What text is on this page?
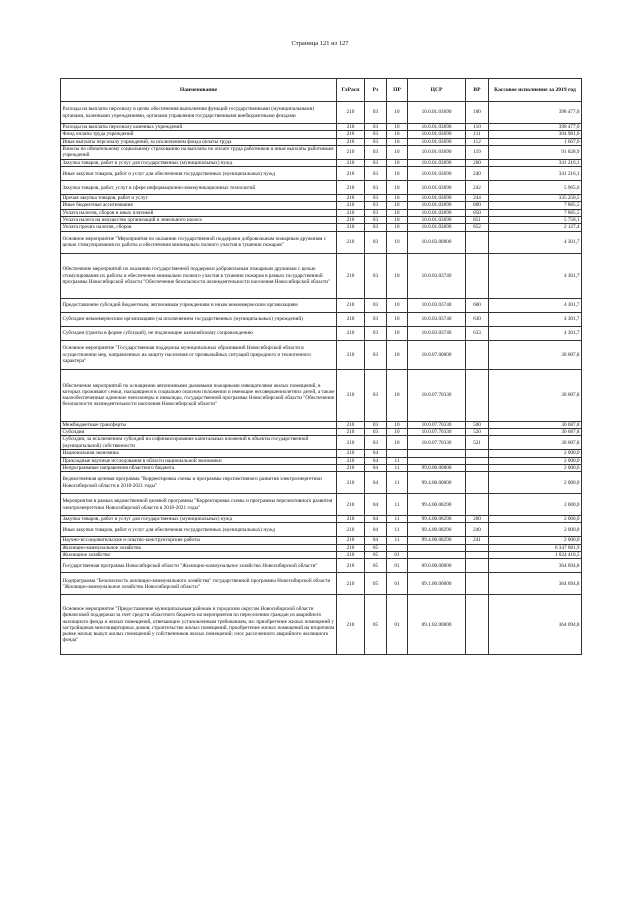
Страница 121 из 127
Наименование	ГлРасп	Рз	ПР	ЦСР	ВР	Кассовое исполнение за 2019 год
Расходы на выплаты персоналу в целях обеспечения выполнения функций государственными (муниципальными) органами, казенными учреждениями, органами управления государственными внебюджетными фондами	210	03	10	10.0.01.03690	100	398 477,0
Расходы на выплаты персоналу казенных учреждений	210	03	10	10.0.01.03690	110	398 477,0
Фонд оплаты труда учреждений	210	03	10	10.0.01.03690	111	304 981,0
Иные выплаты персоналу учреждений, за исключением фонда оплаты труда	210	03	10	10.0.01.03690	112	1 667,0
Взносы по обязательному социальному страхованию на выплаты по оплате труда работников и иные выплаты работникам учреждений	210	03	10	10.0.01.03690	119	91 828,9
Закупка товаров, работ и услуг для государственных (муниципальных) нужд	210	03	10	10.0.01.03690	200	341 216,1
Иные закупки товаров, работ и услуг для обеспечения государственных (муниципальных) нужд	210	03	10	10.0.01.03690	240	341 216,1
Закупка товаров, работ, услуг в сфере информационно-коммуникационных технологий	210	03	10	10.0.01.03690	242	5 965,6
Прочая закупка товаров, работ и услуг	210	03	10	10.0.01.03690	244	335 250,5
Иные бюджетные ассигнования	210	03	10	10.0.01.03690	800	7 885,5
Уплата налогов, сборов и иных платежей	210	03	10	10.0.01.03690	850	7 885,5
Уплата налога на имущество организаций и земельного налога	210	03	10	10.0.01.03690	851	5 758,1
Уплата прочих налогов, сборов	210	03	10	10.0.01.03690	852	2 127,4
Основное мероприятие "Мероприятия по оказанию государственной поддержки добровольным пожарным дружинам с целью стимулирования их работы и обеспечения минимально полного участия в тушении пожаров"	210	03	10	10.0.03.00000		4 301,7
Обеспечение мероприятий по оказанию государственной поддержки добровольным пожарным дружинам с целью стимулирования их работы и обеспечения мнимально полного участия в тушении пожаров в рамках государственной программы Новосибирской области "Обеспечение безопасности жизнедеятельности населения Новосибирской области"	210	03	10	10.0.03.03740		4 301,7
Предоставление субсидий бюджетным, автономным учреждениям и иным некоммерческим организациям	210	03	10	10.0.03.03740	600	4 301,7
Субсидии некоммерческим организациям (за исключением государственных (муниципальных) учреждений)	210	03	10	10.0.03.03740	630	4 301,7
Субсидии (гранты в форме субсидий), не подлежащие казначейскому сопровождению	210	03	10	10.0.03.03740	633	4 301,7
Основное мероприятие "Государственная поддержка муниципальных образований Новосибирской области в осуществлении мер, направленных на защиту населения от чрезвычайных ситуаций природного и техногенного характера"	210	03	10	10.0.07.00000		30 687,8
Обеспечение мероприятий по оснащению автономными дымовыми пожарными извещателями жилых помещений, в которых проживают семьи, находящиеся в социально опасном положении и имеющие несовершеннолетних детей, а также малообеспеченные одинокие пенсионеры и инвалиды, государственной программы Новосибирской области "Обеспечение безопасности жизнедеятельности населения Новосибирской области"	210	03	10	10.0.07.70330		30 687,8
Межбюджетные трансферты	210	03	10	10.0.07.70330	500	30 687,8
Субсидии	210	03	10	10.0.07.70330	520	30 687,8
Субсидии, за исключением субсидий на софинансирование капитальных вложений в объекты государственной (муниципальной) собственности	210	03	10	10.0.07.70330	521	30 687,8
Национальная экономика	210	04				2 000,0
Прикладные научные исследования в области национальной экономики	210	04	11			2 000,0
Непрограммные направления областного бюджета	210	04	11	99.0.00.00000		2 000,0
Ведомственная целевая программа "Корректировка схемы и программы перспективного развития электроэнергетики Новосибирской области в 2018-2021 годы"	210	04	11	99.4.00.00000		2 000,0
Мероприятия в рамках ведомственной целевой программы "Корректировка схемы и программы перспективного развития электроэнергетики Новосибирской области в 2018-2021 годы"	210	04	11	99.4.00.08290		2 000,0
Закупка товаров, работ и услуг для государственных (муниципальных) нужд	210	04	11	99.4.00.08290	200	2 000,0
Иные закупки товаров, работ и услуг для обеспечения государственных (муниципальных) нужд	210	04	11	99.4.00.08290	240	2 000,0
Научно-исследовательские и опытно-конструкторские работы	210	04	11	99.4.00.08290	241	2 000,0
Жилищно-коммунальное хозяйство	210	05				6 347 681,9
Жилищное хозяйство	210	05	01			1 024 410,5
Государственная программа Новосибирской области "Жилищно-коммунальное хозяйство Новосибирской области"	210	05	01	09.0.00.00000		364 694,8
Подпрограмма "Безопасность жилищно-коммунального хозяйства" государственной программы Новосибирской области "Жилищно-коммунальное хозяйство Новосибирской области"	210	05	01	09.1.00.00000		364 694,8
Основное мероприятие "Предоставление муниципальным районам и городским округам Новосибирской области финансовой поддержки за счет средств областного бюджета на мероприятия по переселению граждан из аварийного жилищного фонда и жилых помещений, отвечающих установленным требованиям, на: приобретение жилых помещений у застройщиков многоквартирных домов; строительство жилых помещений, приобретение жилых помещений на вторичном рынке жилья; выкуп жилых помещений у собственников жилых помещений; снос расселенного аварийного жилищного фонда"	210	05	01	09.1.02.00000		364 694,8
